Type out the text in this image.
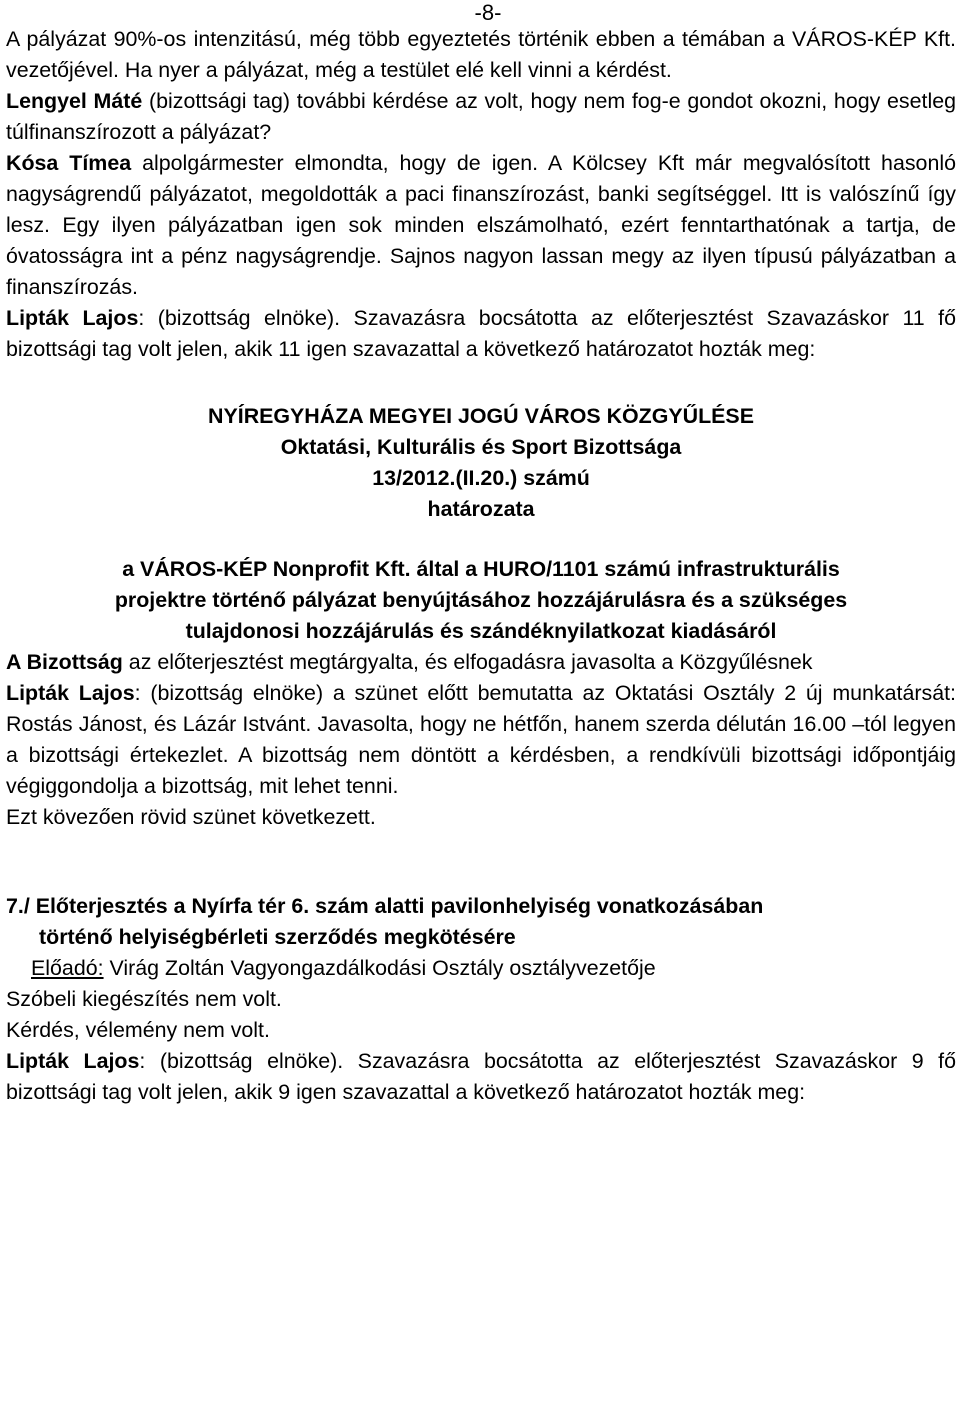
-8-

A pályázat 90%-os intenzitású, még több egyeztetés történik ebben a témában a VÁROS-KÉP Kft. vezetőjével. Ha nyer a pályázat, még a testület elé kell vinni a kérdést.

Lengyel Máté (bizottsági tag) további kérdése az volt, hogy nem fog-e gondot okozni, hogy esetleg túlfinanszírozott a pályázat?

Kósa Tímea alpolgármester elmondta, hogy de igen. A Kölcsey Kft már megvalósított hasonló nagyságrendű pályázatot, megoldották a paci finanszírozást, banki segítséggel. Itt is valószínű így lesz. Egy ilyen pályázatban igen sok minden elszámolható, ezért fenntarthatónak a tartja, de óvatosságra int a pénz nagyságrendje. Sajnos nagyon lassan megy az ilyen típusú pályázatban a finanszírozás.

Lipták Lajos: (bizottság elnöke). Szavazásra bocsátotta az előterjesztést Szavazáskor 11 fő bizottsági tag volt jelen, akik 11 igen szavazattal a következő határozatot hozták meg:

NYÍREGYHÁZA MEGYEI JOGÚ VÁROS KÖZGYŰLÉSE

Oktatási, Kulturális és Sport Bizottsága

13/2012.(II.20.) számú

határozata

a VÁROS-KÉP Nonprofit Kft. által a HURO/1101 számú infrastrukturális

projektre történő pályázat benyújtásához hozzájárulásra és a szükséges

tulajdonosi hozzájárulás és szándéknyilatkozat kiadásáról

A Bizottság az előterjesztést megtárgyalta, és elfogadásra javasolta a Közgyűlésnek

Lipták Lajos: (bizottság elnöke) a szünet előtt bemutatta az Oktatási Osztály 2 új munkatársát: Rostás Jánost, és Lázár Istvánt. Javasolta, hogy ne hétfőn, hanem szerda délután 16.00 –tól legyen a bizottsági értekezlet. A bizottság nem döntött a kérdésben, a rendkívüli bizottsági időpontjáig végiggondolja a bizottság, mit lehet tenni.

Ezt kövezően rövid szünet következett.

7./ Előterjesztés a Nyírfa tér 6. szám alatti pavilonhelyiség vonatkozásában

történő helyiségbérleti szerződés megkötésére

Előadó: Virág Zoltán Vagyongazdálkodási Osztály osztályvezetője

Szóbeli kiegészítés nem volt.

Kérdés, vélemény nem volt.

Lipták Lajos: (bizottság elnöke). Szavazásra bocsátotta az előterjesztést Szavazáskor 9 fő bizottsági tag volt jelen, akik 9 igen szavazattal a következő határozatot hozták meg:
